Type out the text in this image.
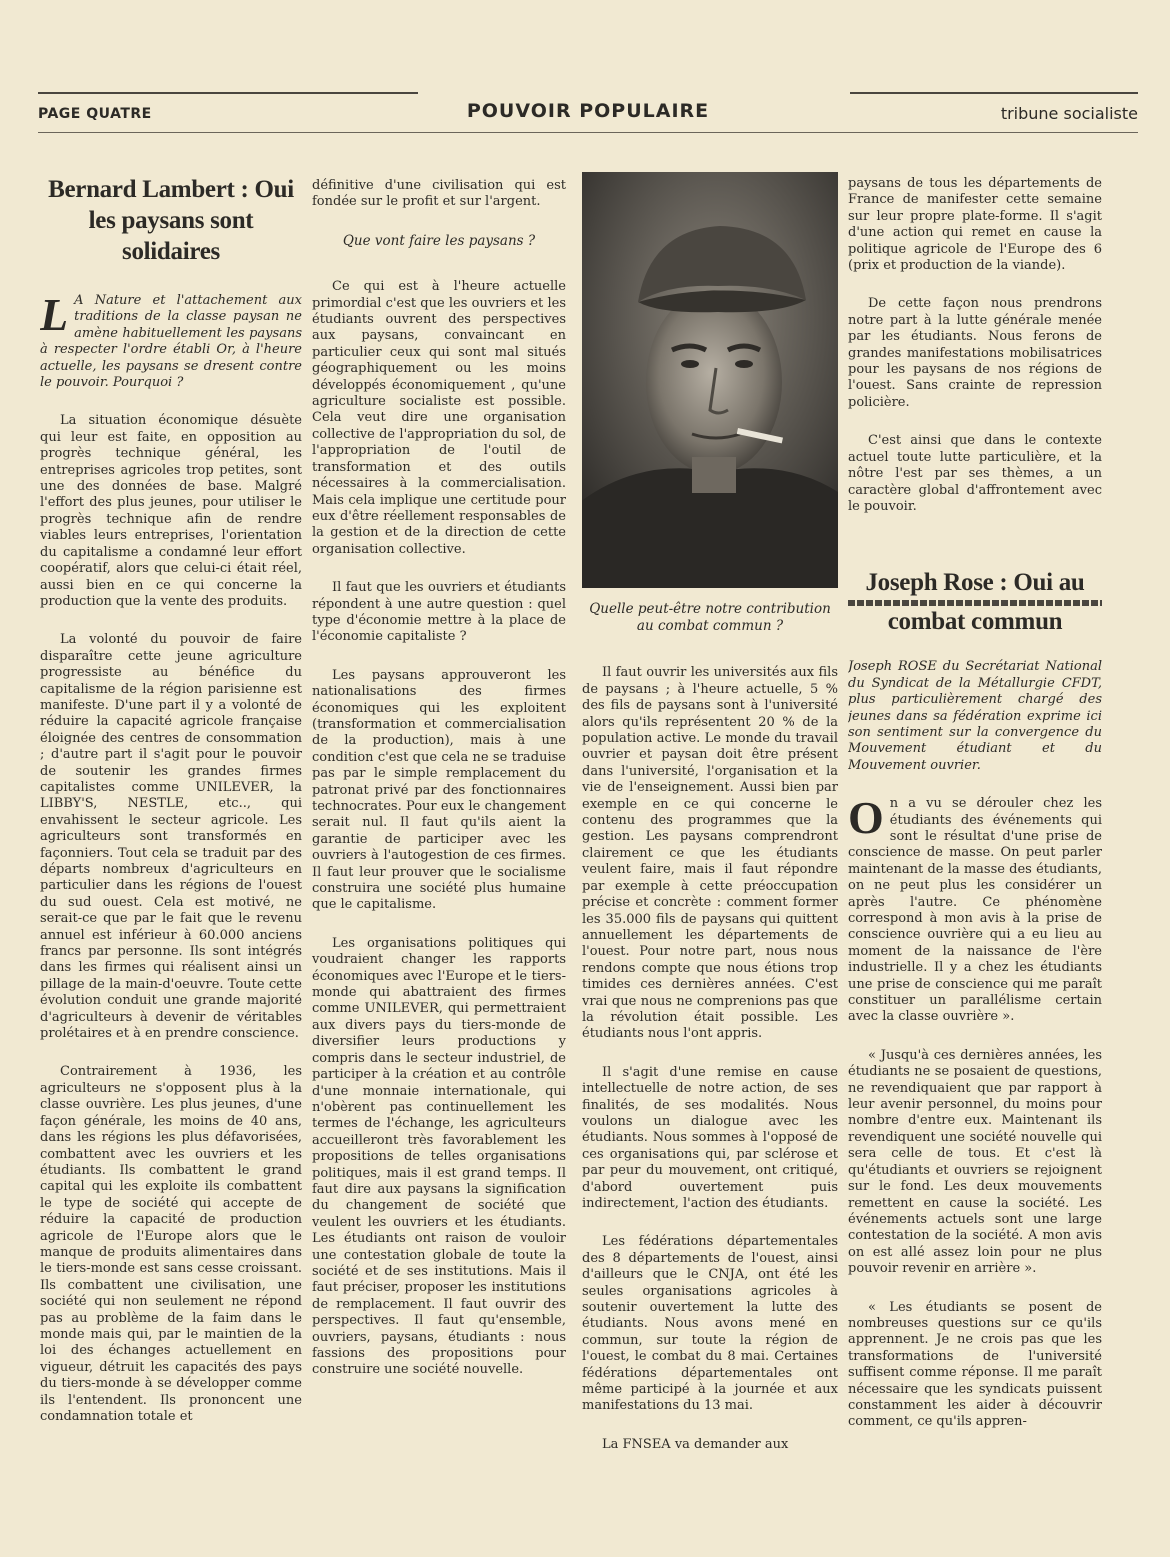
PAGE QUATRE	POUVOIR POPULAIRE	tribune socialiste
Bernard Lambert : Oui
les paysans sont solidaires

L A Nature et l'attachement aux traditions de la classe paysan ne amène habituellement les paysans à respecter l'ordre établi Or, à l'heure actuelle, les paysans se dresent contre le pouvoir. Pourquoi ?

La situation économique désuète qui leur est faite, en opposition au progrès technique général, les entreprises agricoles trop petites, sont une des données de base. Malgré l'effort des plus jeunes, pour utiliser le progrès technique afin de rendre viables leurs entreprises, l'orientation du capitalisme a condamné leur effort coopératif, alors que celui-ci était réel, aussi bien en ce qui concerne la production que la vente des produits.

La volonté du pouvoir de faire disparaître cette jeune agriculture progressiste au bénéfice du capitalisme de la région parisienne est manifeste. D'une part il y a volonté de réduire la capacité agricole française éloignée des centres de consommation ; d'autre part il s'agit pour le pouvoir de soutenir les grandes firmes capitalistes comme UNILEVER, la LIBBY'S, NESTLE, etc.., qui envahissent le secteur agricole. Les agriculteurs sont transformés en façonniers. Tout cela se traduit par des départs nombreux d'agriculteurs en particulier dans les régions de l'ouest du sud ouest. Cela est motivé, ne serait-ce que par le fait que le revenu annuel est inférieur à 60.000 anciens francs par personne. Ils sont intégrés dans les firmes qui réalisent ainsi un pillage de la main-d'oeuvre. Toute cette évolution conduit une grande majorité d'agriculteurs à devenir de véritables prolétaires et à en prendre conscience.

Contrairement à 1936, les agriculteurs ne s'opposent plus à la classe ouvrière. Les plus jeunes, d'une façon générale, les moins de 40 ans, dans les régions les plus défavorisées, combattent avec les ouvriers et les étudiants. Ils combattent le grand capital qui les exploite ils combattent le type de société qui accepte de réduire la capacité de production agricole de l'Europe alors que le manque de produits alimentaires dans le tiers-monde est sans cesse croissant. Ils combattent une civilisation, une société qui non seulement ne répond pas au problème de la faim dans le monde mais qui, par le maintien de la loi des échanges actuellement en vigueur, détruit les capacités des pays du tiers-monde à se développer comme ils l'entendent. Ils prononcent une condamnation totale et

définitive d'une civilisation qui est fondée sur le profit et sur l'argent.

Que vont faire les paysans ?

Ce qui est à l'heure actuelle primordial c'est que les ouvriers et les étudiants ouvrent des perspectives aux paysans, convaincant en particulier ceux qui sont mal situés géographiquement ou les moins développés économiquement , qu'une agriculture socialiste est possible. Cela veut dire une organisation collective de l'appropriation du sol, de l'appropriation de l'outil de transformation et des outils nécessaires à la commercialisation. Mais cela implique une certitude pour eux d'être réellement responsables de la gestion et de la direction de cette organisation collective.

Il faut que les ouvriers et étudiants répondent à une autre question : quel type d'économie mettre à la place de l'économie capitaliste ?

Les paysans approuveront les nationalisations des firmes économiques qui les exploitent (transformation et commercialisation de la production), mais à une condition c'est que cela ne se traduise pas par le simple remplacement du patronat privé par des fonctionnaires technocrates. Pour eux le changement serait nul. Il faut qu'ils aient la garantie de participer avec les ouvriers à l'autogestion de ces firmes. Il faut leur prouver que le socialisme construira une société plus humaine que le capitalisme.

Les organisations politiques qui voudraient changer les rapports économiques avec l'Europe et le tiers-monde qui abattraient des firmes comme UNILEVER, qui permettraient aux divers pays du tiers-monde de diversifier leurs productions y compris dans le secteur industriel, de participer à la création et au contrôle d'une monnaie internationale, qui n'obèrent pas continuellement les termes de l'échange, les agriculteurs accueilleront très favorablement les propositions de telles organisations politiques, mais il est grand temps. Il faut dire aux paysans la signification du changement de société que veulent les ouvriers et les étudiants. Les étudiants ont raison de vouloir une contestation globale de toute la société et de ses institutions. Mais il faut préciser, proposer les institutions de remplacement. Il faut ouvrir des perspectives. Il faut qu'ensemble, ouvriers, paysans, étudiants : nous fassions des propositions pour construire une société nouvelle.

Quelle peut-être notre contribution au combat commun ?

Il faut ouvrir les universités aux fils de paysans ; à l'heure actuelle, 5 % des fils de paysans sont à l'université alors qu'ils représentent 20 % de la population active. Le monde du travail ouvrier et paysan doit être présent dans l'université, l'organisation et la vie de l'enseignement. Aussi bien par exemple en ce qui concerne le contenu des programmes que la gestion. Les paysans comprendront clairement ce que les étudiants veulent faire, mais il faut répondre par exemple à cette préoccupation précise et concrète : comment former les 35.000 fils de paysans qui quittent annuellement les départements de l'ouest. Pour notre part, nous nous rendons compte que nous étions trop timides ces dernières années. C'est vrai que nous ne comprenions pas que la révolution était possible. Les étudiants nous l'ont appris.

Il s'agit d'une remise en cause intellectuelle de notre action, de ses finalités, de ses modalités. Nous voulons un dialogue avec les étudiants. Nous sommes à l'opposé de ces organisations qui, par sclérose et par peur du mouvement, ont critiqué, d'abord ouvertement puis indirectement, l'action des étudiants.

Les fédérations départementales des 8 départements de l'ouest, ainsi d'ailleurs que le CNJA, ont été les seules organisations agricoles à soutenir ouvertement la lutte des étudiants. Nous avons mené en commun, sur toute la région de l'ouest, le combat du 8 mai. Certaines fédérations départementales ont même participé à la journée et aux manifestations du 13 mai.

La FNSEA va demander aux

paysans de tous les départements de France de manifester cette semaine sur leur propre plate-forme. Il s'agit d'une action qui remet en cause la politique agricole de l'Europe des 6 (prix et production de la viande).

De cette façon nous prendrons notre part à la lutte générale menée par les étudiants. Nous ferons de grandes manifestations mobilisatrices pour les paysans de nos régions de l'ouest. Sans crainte de repression policière.

C'est ainsi que dans le contexte actuel toute lutte particulière, et la nôtre l'est par ses thèmes, a un caractère global d'affrontement avec le pouvoir.

Joseph Rose : Oui au
combat commun

Joseph ROSE du Secrétariat National du Syndicat de la Métallurgie CFDT, plus particulièrement chargé des jeunes dans sa fédération exprime ici son sentiment sur la convergence du Mouvement étudiant et du Mouvement ouvrier.

On a vu se dérouler chez les étudiants des événements qui sont le résultat d'une prise de conscience de masse. On peut parler maintenant de la masse des étudiants, on ne peut plus les considérer un après l'autre. Ce phénomène correspond à mon avis à la prise de conscience ouvrière qui a eu lieu au moment de la naissance de l'ère industrielle. Il y a chez les étudiants une prise de conscience qui me paraît constituer un parallélisme certain avec la classe ouvrière ».

« Jusqu'à ces dernières années, les étudiants ne se posaient de questions, ne revendiquaient que par rapport à leur avenir personnel, du moins pour nombre d'entre eux. Maintenant ils revendiquent une société nouvelle qui sera celle de tous. Et c'est là qu'étudiants et ouvriers se rejoignent sur le fond. Les deux mouvements remettent en cause la société. Les événements actuels sont une large contestation de la société. A mon avis on est allé assez loin pour ne plus pouvoir revenir en arrière ».

« Les étudiants se posent de nombreuses questions sur ce qu'ils apprennent. Je ne crois pas que les transformations de l'université suffisent comme réponse. Il me paraît nécessaire que les syndicats puissent constamment les aider à découvrir comment, ce qu'ils appren-
